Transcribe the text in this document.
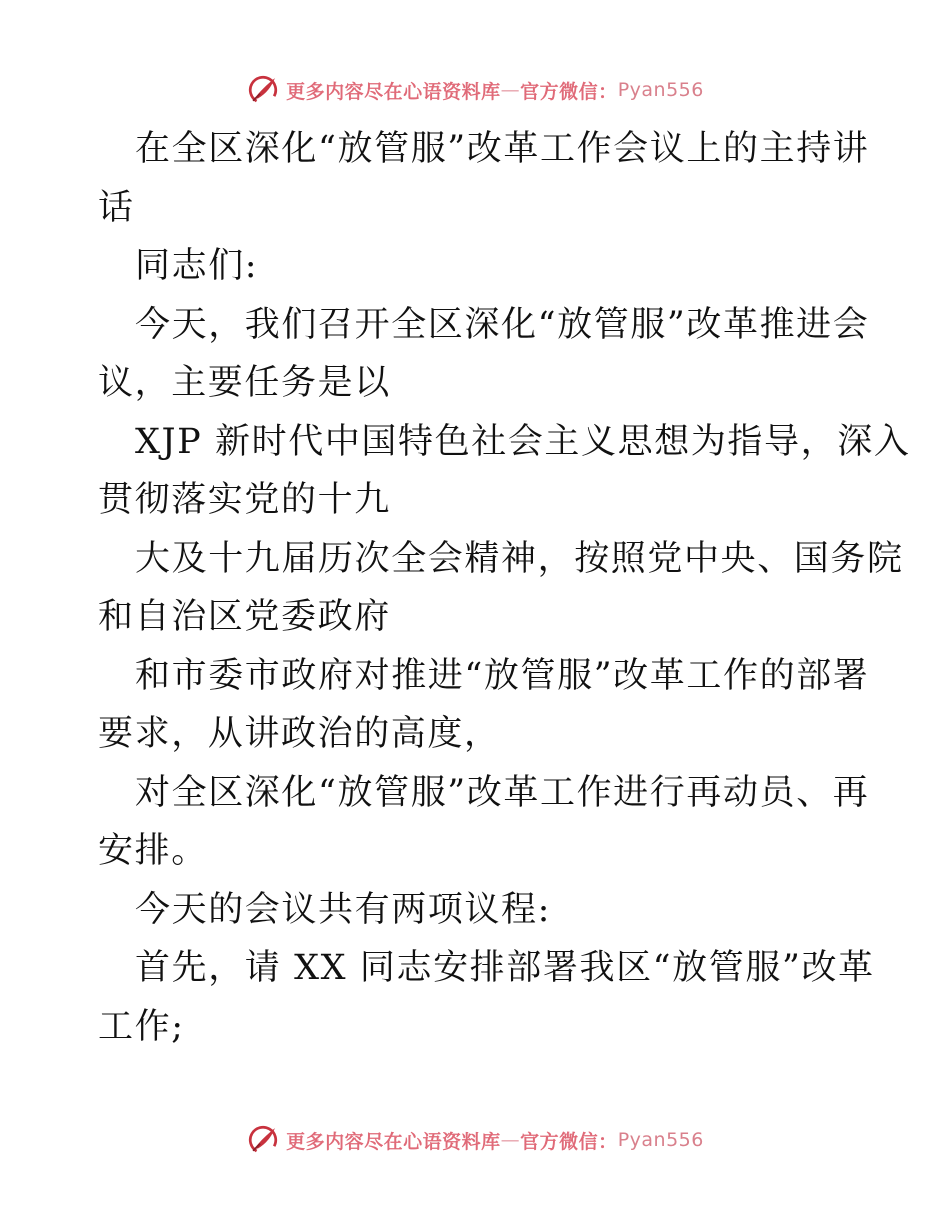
更多内容尽在心语资料库 — 官方微信： Pyan556

在全区深化“放管服”改革工作会议上的主持讲

话

同志们:

今天，我们召开全区深化“放管服”改革推进会

议，主要任务是以

XJP 新时代中国特色社会主义思想为指导，深入

贯彻落实党的十九

大及十九届历次全会精神，按照党中央、国务院

和自治区党委政府

和市委市政府对推进“放管服”改革工作的部署

要求，从讲政治的高度，

对全区深化“放管服”改革工作进行再动员、再

安排。

今天的会议共有两项议程:

首先，请 XX 同志安排部署我区“放管服”改革

工作;

更多内容尽在心语资料库 — 官方微信： Pyan556
